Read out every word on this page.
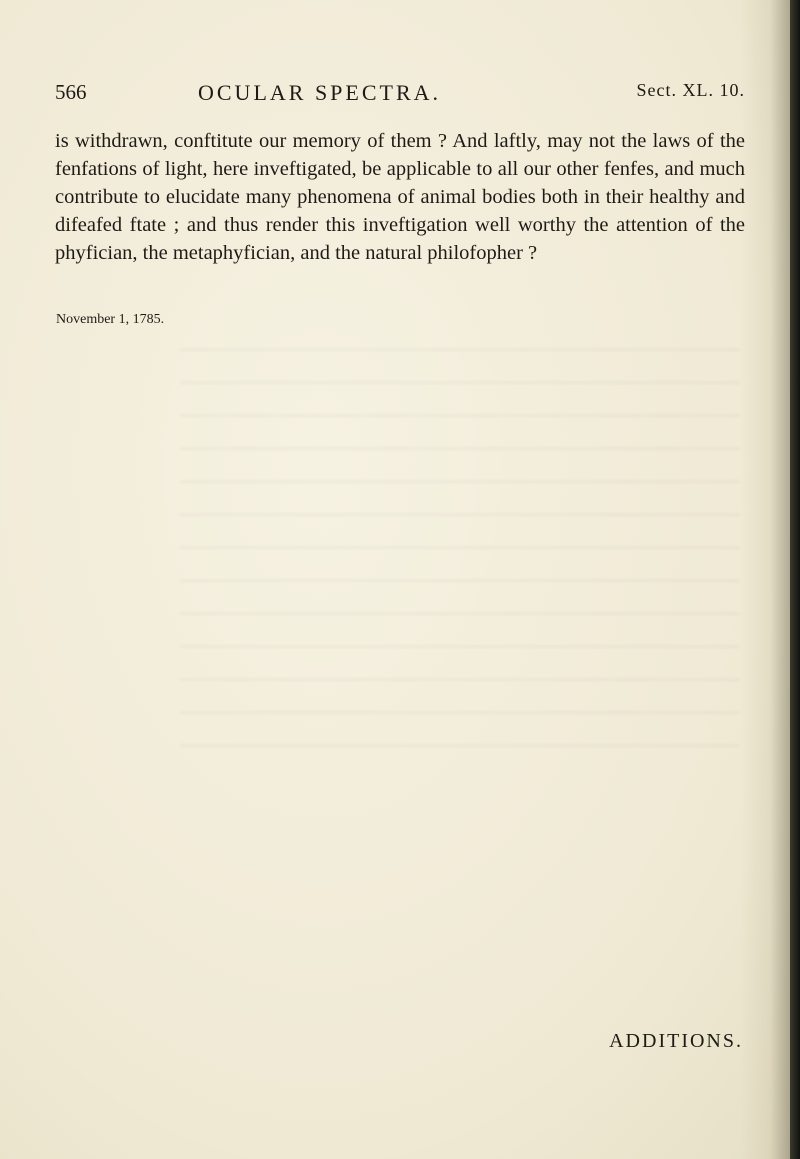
566	OCULAR SPECTRA.	Sect. XL. 10.

is withdrawn, conftitute our memory of them ? And laftly, may not the laws of the fenfations of light, here inveftigated, be applicable to all our other fenfes, and much contribute to elucidate many phenomena of animal bodies both in their healthy and difeafed ftate ; and thus render this inveftigation well worthy the attention of the phyfician, the metaphyfician, and the natural philofopher ?

November 1, 1785.

ADDITIONS.
